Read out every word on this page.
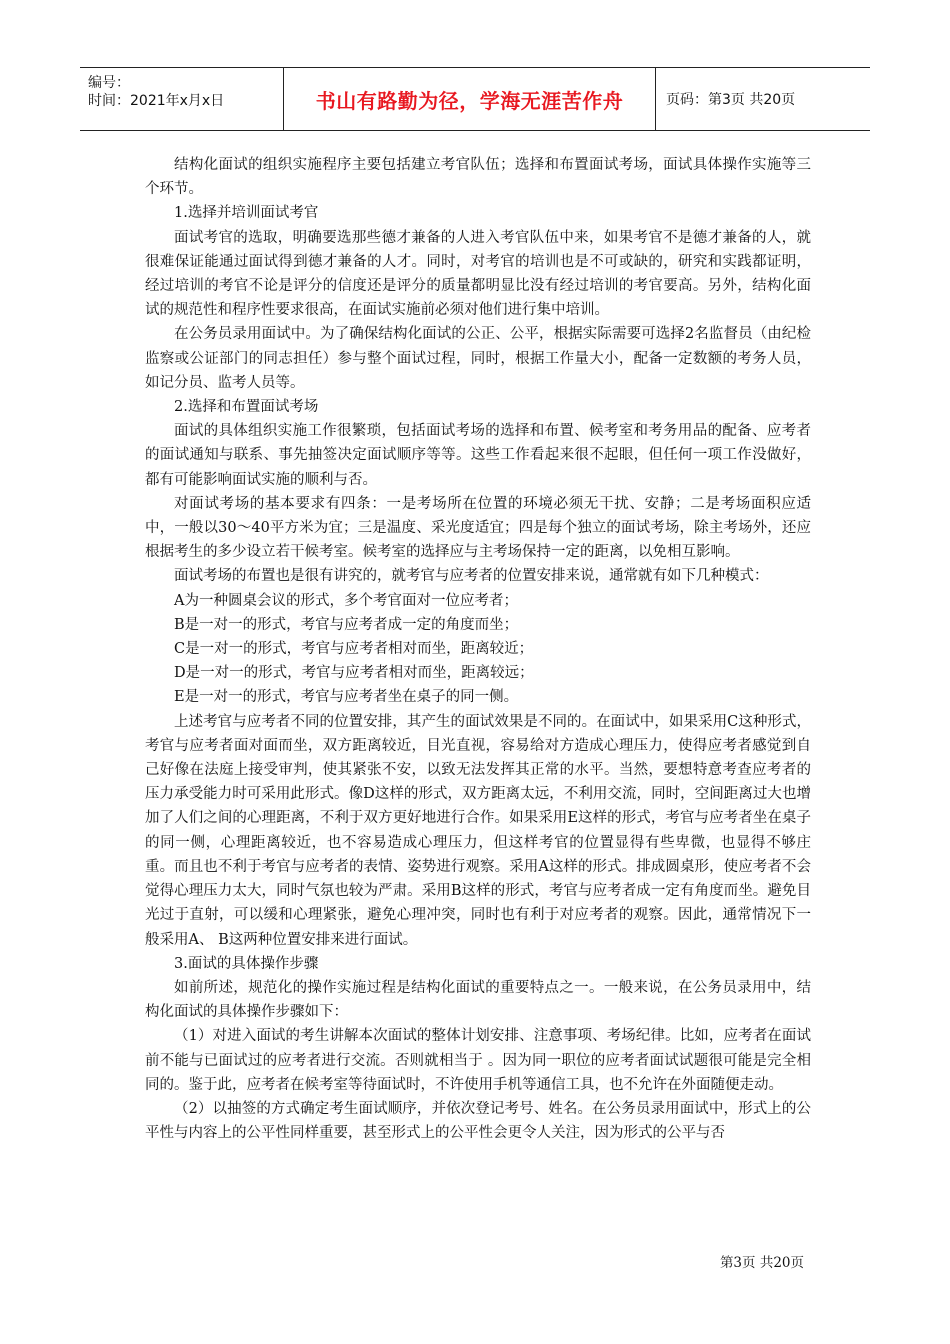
编号：
时间：2021年x月x日	书山有路勤为径，学海无涯苦作舟	页码：第3页 共20页

结构化面试的组织实施程序主要包括建立考官队伍；选择和布置面试考场，面试具体操作实施等三个环节。

1.选择并培训面试考官

面试考官的选取，明确要选那些德才兼备的人进入考官队伍中来，如果考官不是德才兼备的人，就很难保证能通过面试得到德才兼备的人才。同时，对考官的培训也是不可或缺的，研究和实践都证明，经过培训的考官不论是评分的信度还是评分的质量都明显比没有经过培训的考官要高。另外，结构化面试的规范性和程序性要求很高，在面试实施前必须对他们进行集中培训。

在公务员录用面试中。为了确保结构化面试的公正、公平，根据实际需要可选择2名监督员（由纪检监察或公证部门的同志担任）参与整个面试过程，同时，根据工作量大小，配备一定数额的考务人员，如记分员、监考人员等。

2.选择和布置面试考场

面试的具体组织实施工作很繁琐，包括面试考场的选择和布置、候考室和考务用品的配备、应考者的面试通知与联系、事先抽签决定面试顺序等等。这些工作看起来很不起眼，但任何一项工作没做好，都有可能影响面试实施的顺利与否。

对面试考场的基本要求有四条：一是考场所在位置的环境必须无干扰、安静；二是考场面积应适中，一般以30～40平方米为宜；三是温度、采光度适宜；四是每个独立的面试考场，除主考场外，还应根据考生的多少设立若干候考室。候考室的选择应与主考场保持一定的距离，以免相互影响。

面试考场的布置也是很有讲究的，就考官与应考者的位置安排来说，通常就有如下几种模式：

A为一种圆桌会议的形式，多个考官面对一位应考者；

B是一对一的形式，考官与应考者成一定的角度而坐；

C是一对一的形式，考官与应考者相对而坐，距离较近；

D是一对一的形式，考官与应考者相对而坐，距离较远；

E是一对一的形式，考官与应考者坐在桌子的同一侧。

上述考官与应考者不同的位置安排，其产生的面试效果是不同的。在面试中，如果采用C这种形式，考官与应考者面对面而坐，双方距离较近，目光直视，容易给对方造成心理压力，使得应考者感觉到自己好像在法庭上接受审判，使其紧张不安，以致无法发挥其正常的水平。当然，要想特意考查应考者的压力承受能力时可采用此形式。像D这样的形式，双方距离太远，不利用交流，同时，空间距离过大也增加了人们之间的心理距离，不利于双方更好地进行合作。如果采用E这样的形式，考官与应考者坐在桌子的同一侧，心理距离较近，也不容易造成心理压力，但这样考官的位置显得有些卑微，也显得不够庄重。而且也不利于考官与应考者的表情、姿势进行观察。采用A这样的形式。排成圆桌形，使应考者不会觉得心理压力太大，同时气氛也较为严肃。采用B这样的形式，考官与应考者成一定有角度而坐。避免目光过于直射，可以缓和心理紧张，避免心理冲突，同时也有利于对应考者的观察。因此，通常情况下一般采用A、 B这两种位置安排来进行面试。

3.面试的具体操作步骤

如前所述，规范化的操作实施过程是结构化面试的重要特点之一。一般来说，在公务员录用中，结构化面试的具体操作步骤如下：

（1）对进入面试的考生讲解本次面试的整体计划安排、注意事项、考场纪律。比如，应考者在面试前不能与已面试过的应考者进行交流。否则就相当于 。因为同一职位的应考者面试试题很可能是完全相同的。鉴于此，应考者在候考室等待面试时，不许使用手机等通信工具，也不允许在外面随便走动。

（2）以抽签的方式确定考生面试顺序，并依次登记考号、姓名。在公务员录用面试中，形式上的公平性与内容上的公平性同样重要，甚至形式上的公平性会更令人关注，因为形式的公平与否

第3页 共20页
